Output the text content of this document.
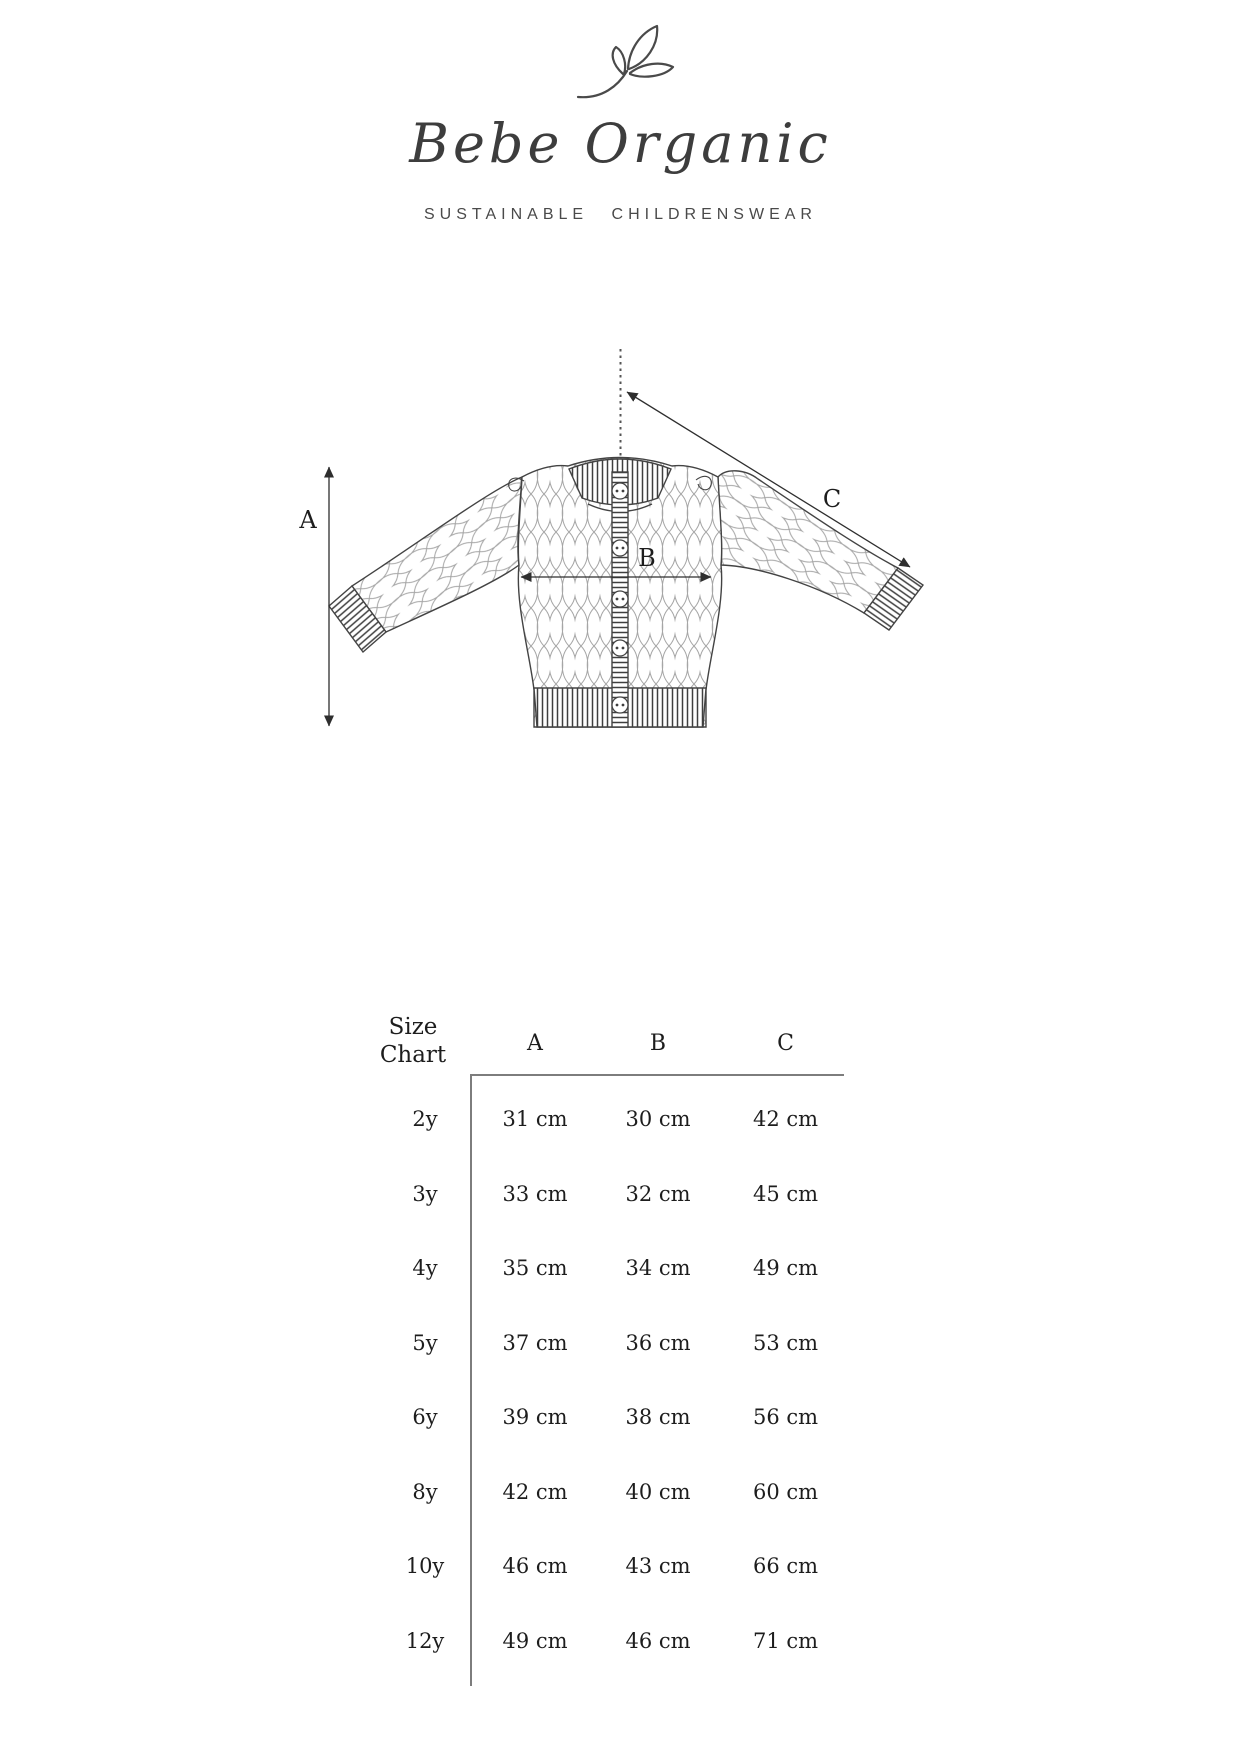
Bebe Organic
SUSTAINABLE CHILDRENSWEAR
A
B
C
Size Chart	A	B	C
2y	31 cm	30 cm	42 cm
3y	33 cm	32 cm	45 cm
4y	35 cm	34 cm	49 cm
5y	37 cm	36 cm	53 cm
6y	39 cm	38 cm	56 cm
8y	42 cm	40 cm	60 cm
10y	46 cm	43 cm	66 cm
12y	49 cm	46 cm	71 cm
